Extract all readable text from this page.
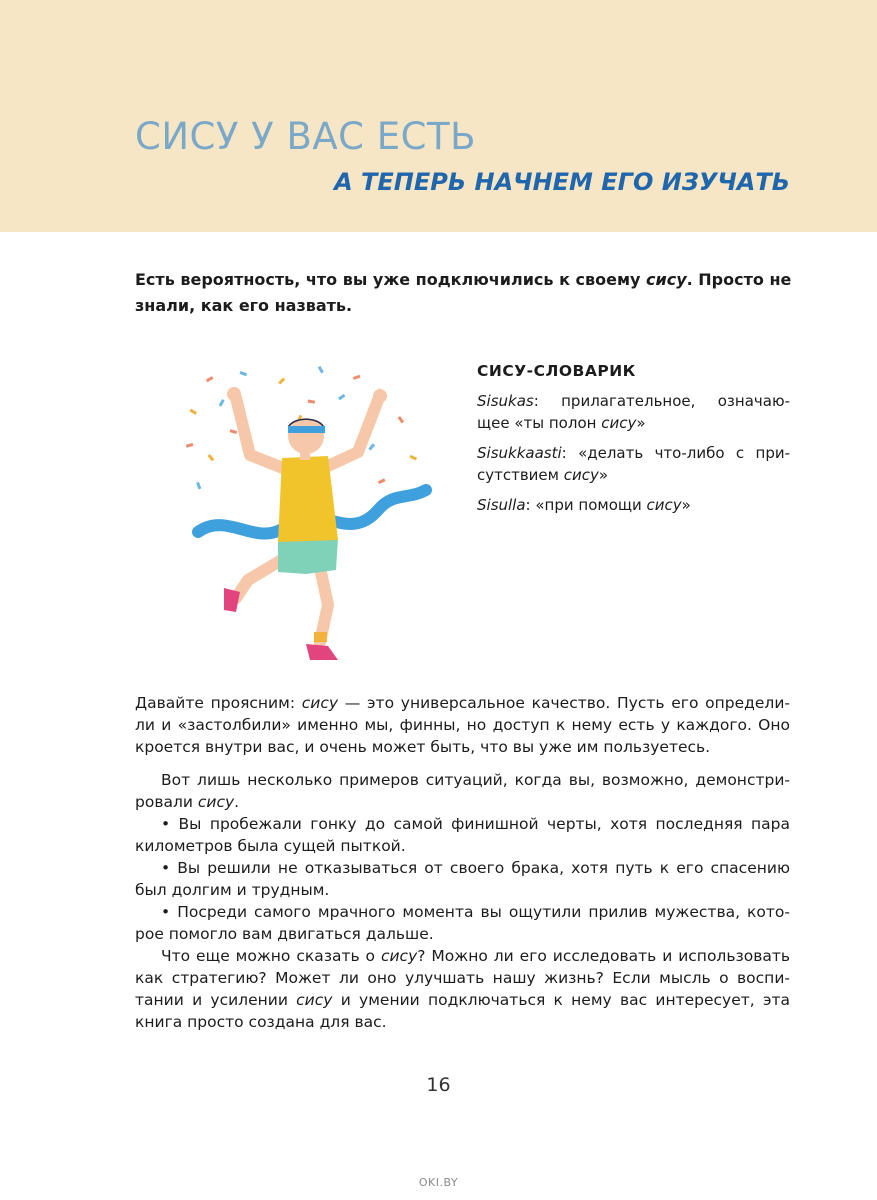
СИСУ У ВАС ЕСТЬ
А ТЕПЕРЬ НАЧНЕМ ЕГО ИЗУЧАТЬ

Есть вероятность, что вы уже подключились к своему сису. Просто не
знали, как его назвать.

СИСУ-СЛОВАРИК
Sisukas: прилагательное, означаю-
щее «ты полон сису»
Sisukkaasti: «делать что-либо с при-
сутствием сису»
Sisulla: «при помощи сису»
Давайте проясним: сису — это универсальное качество. Пусть его определи-
ли и «застолбили» именно мы, финны, но доступ к нему есть у каждого. Оно
кроется внутри вас, и очень может быть, что вы уже им пользуетесь.
Вот лишь несколько примеров ситуаций, когда вы, возможно, демонстри-
ровали сису.
• Вы пробежали гонку до самой финишной черты, хотя последняя пара
километров была сущей пыткой.
• Вы решили не отказываться от своего брака, хотя путь к его спасению
был долгим и трудным.
• Посреди самого мрачного момента вы ощутили прилив мужества, кото-
рое помогло вам двигаться дальше.
Что еще можно сказать о сису? Можно ли его исследовать и использовать
как стратегию? Может ли оно улучшать нашу жизнь? Если мысль о воспи-
тании и усилении сису и умении подключаться к нему вас интересует, эта
книга просто создана для вас.
16
OKI.BY
